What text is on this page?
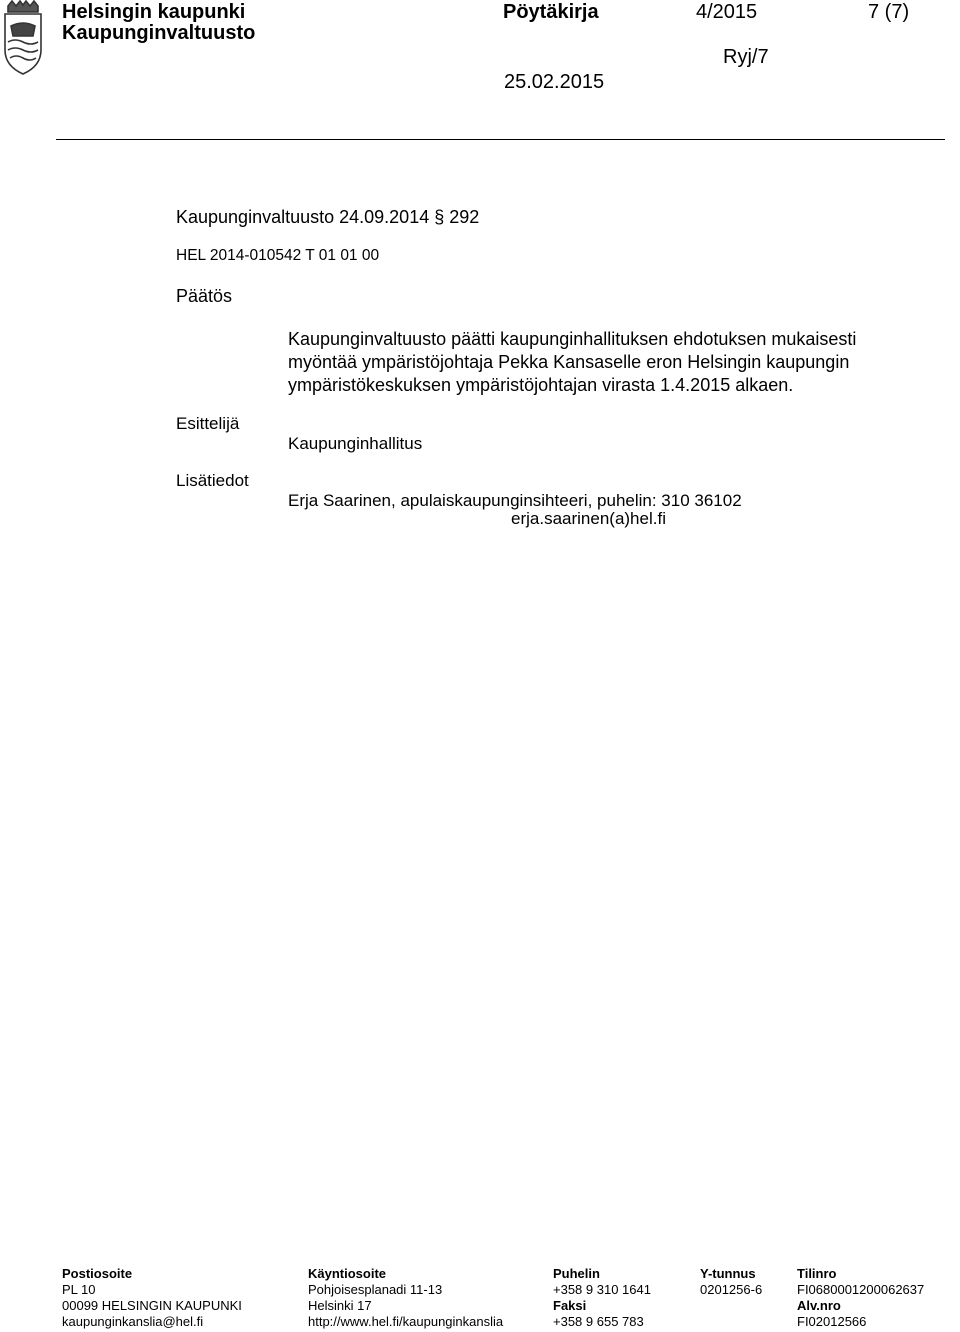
Helsingin kaupunki
Kaupunginvaltuusto
Pöytäkirja	4/2015	7 (7)
Ryj/7
25.02.2015
Kaupunginvaltuusto 24.09.2014 § 292
HEL 2014-010542 T 01 01 00
Päätös
Kaupunginvaltuusto päätti kaupunginhallituksen ehdotuksen mukaisesti
myöntää ympäristöjohtaja Pekka Kansaselle eron Helsingin kaupungin
ympäristökeskuksen ympäristöjohtajan virasta 1.4.2015 alkaen.
Esittelijä
Kaupunginhallitus
Lisätiedot
Erja Saarinen, apulaiskaupunginsihteeri, puhelin: 310 36102
erja.saarinen(a)hel.fi
Postiosoite
PL 10
00099 HELSINGIN KAUPUNKI
kaupunginkanslia@hel.fi
Käyntiosoite
Pohjoisesplanadi 11-13
Helsinki 17
http://www.hel.fi/kaupunginkanslia
Puhelin
+358 9 310 1641
Faksi
+358 9 655 783
Y-tunnus
0201256-6
Tilinro
FI0680001200062637
Alv.nro
FI02012566
